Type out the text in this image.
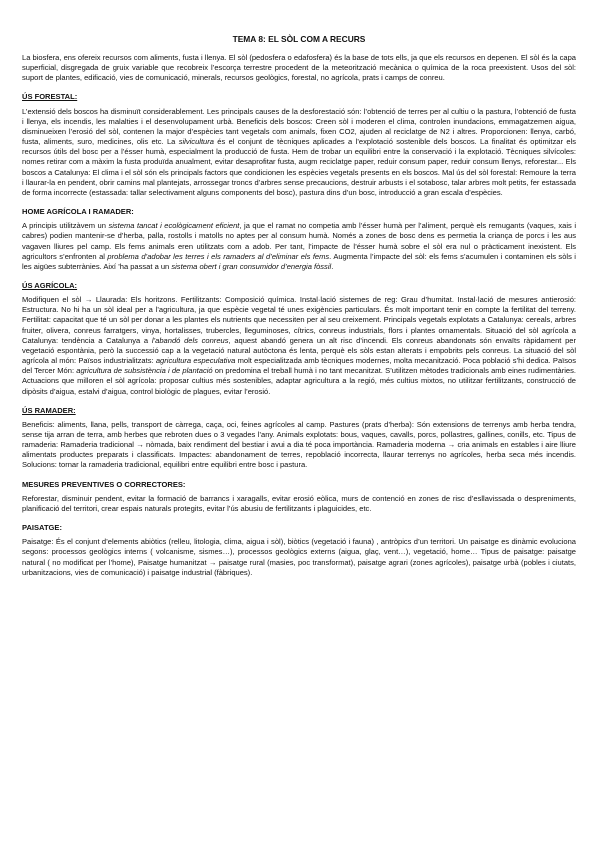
TEMA 8: EL SÒL COM A RECURS

La biosfera, ens ofereix recursos com aliments, fusta i llenya. El sòl (pedosfera o edafosfera) és la base de tots ells, ja que els recursos en depenen. El sòl és la capa superficial, disgregada de gruix variable que recobreix l’escorça terrestre procedent de la meteorització mecànica o química de la roca preexistent. Usos del sòl: suport de plantes, edificació, vies de comunicació, minerals, recursos geològics, forestal, no agrícola, prats i camps de conreu.

ÚS FORESTAL:

L’extensió dels boscos ha disminuït considerablement. Les principals causes de la desforestació són: l’obtenció de terres per al cultiu o la pastura, l’obtenció de fusta i llenya, els incendis, les malalties i el desenvolupament urbà. Beneficis dels boscos: Creen sòl i moderen el clima, controlen inundacions, emmagatzemen aigua, disminueixen l’erosió del sòl, contenen la major d’espècies tant vegetals com animals, fixen CO2, ajuden al reciclatge de N2 i altres. Proporcionen: llenya, carbó, fusta, aliments, suro, medicines, olis etc. La silvicultura és el conjunt de tècniques aplicades a l’explotació sostenible dels boscos. La finalitat és optimitzar els recursos útils del bosc per a l’ésser humà, especialment la producció de fusta. Hem de trobar un equilibri entre la conservació i la explotació. Tècniques silvícoles: nomes retirar com a màxim la fusta produïda anualment, evitar desaprofitar fusta, augm reciclatge paper, reduir consum paper, reduir consum llenys, reforestar... Els boscos a Catalunya: El clima i el sòl són els principals factors que condicionen les espècies vegetals presents en els boscos. Mal ús del sòl forestal: Remoure la terra i llaurar-la en pendent, obrir camins mal plantejats, arrossegar troncs d’arbres sense precaucions, destruir arbusts i el sotabosc, talar arbres molt petits, fer estassada de forma incorrecte (estassada: tallar selectivament alguns components del bosc), pastura dins d’un bosc, introducció a gran escala d’espècies.

HOME AGRÍCOLA I RAMADER:

A principis utilitzàvem un sistema tancat i ecològicament eficient, ja que el ramat no competia amb l’ésser humà per l’aliment, perquè els remugants (vaques, xais i cabres) podien mantenir-se d’herba, palla, rostolls i matolls no aptes per al consum humà. Només a zones de bosc dens es permetia la criança de porcs i les aus vagaven lliures pel camp. Els fems animals eren utilitzats com a adob. Per tant, l’impacte de l’ésser humà sobre el sòl era nul o pràcticament inexistent. Els agricultors s’enfronten al problema d’adobar les terres i els ramaders al d’eliminar els fems. Augmenta l’impacte del sòl: els fems s’acumulen i contaminen els sòls i les aigües subterrànies. Així ’ha passat a un sistema obert i gran consumidor d’energia fòssil.

ÚS AGRÍCOLA:

Modifiquen el sòl → Llaurada: Els horitzons. Fertilitzants: Composició química. Instal·lació sistemes de reg: Grau d’humitat. Instal·lació de mesures antierosió: Estructura. No hi ha un sòl ideal per a l’agricultura, ja que espècie vegetal té unes exigències particulars. És molt important tenir en compte la fertilitat del terreny. Fertilitat: capacitat que té un sòl per donar a les plantes els nutrients que necessiten per al seu creixement. Principals vegetals explotats a Catalunya: cereals, arbres fruiter, olivera, conreus farratgers, vinya, hortalisses, trubercles, lleguminoses, cítrics, conreus industrials, flors i plantes ornamentals. Situació del sòl agrícola a Catalunya: tendència a Catalunya a l’abandó dels conreus, aquest abandó genera un alt risc d’incendi. Els conreus abandonats són envaïts ràpidament per vegetació espontània, però la successió cap a la vegetació natural autòctona és lenta, perquè els sòls estan alterats i empobrits pels conreus. La situació del sòl agrícola al món: Països industrialitzats: agricultura especulativa molt especialitzada amb tècniques modernes, molta mecanització. Poca població s’hi dedica. Països del Tercer Món: agricultura de subsistència i de plantació on predomina el treball humà i no tant mecanitzat. S’utilitzen mètodes tradicionals amb eines rudimentàries. Actuacions que milloren el sòl agrícola: proposar cultius més sostenibles, adaptar agricultura a la regió, més cultius mixtos, no utilitzar fertilitzants, construcció de dipòsits d’aigua, estalvi d’aigua, control biològic de plagues, evitar l’erosió.

ÚS RAMADER:

Beneficis: aliments, llana, pells, transport de càrrega, caça, oci, feines agrícoles al camp. Pastures (prats d’herba): Són extensions de terrenys amb herba tendra, sense tija arran de terra, amb herbes que rebroten dues o 3 vegades l’any. Animals explotats: bous, vaques, cavalls, porcs, pollastres, gallines, conills, etc. Tipus de ramaderia: Ramaderia tradicional → nòmada, baix rendiment del bestiar i avui a dia té poca importància. Ramaderia moderna → cria animals en estables i aire lliure alimentats productes preparats i classificats. Impactes: abandonament de terres, repoblació incorrecta, llaurar terrenys no agrícoles, herba seca més incendis. Solucions: tornar la ramaderia tradicional, equilibri entre equilibri entre bosc i pastura.

MESURES PREVENTIVES O CORRECTORES:

Reforestar, disminuir pendent, evitar la formació de barrancs i xaragalls, evitar erosió eòlica, murs de contenció en zones de risc d’esllavissada o despreniments, planificació del territori, crear espais naturals protegits, evitar l’ús abusiu de fertilitzants i plaguicides, etc.

PAISATGE:

Paisatge: És el conjunt d’elements abiòtics (relleu, litologia, clima, aigua i sòl), biòtics (vegetació i fauna) , antròpics d’un territori. Un paisatge es dinàmic evoluciona segons: processos geològics interns ( volcanisme, sismes…), processos geològics externs (aigua, glaç, vent…), vegetació, home… Tipus de paisatge: paisatge natural ( no modificat per l’home), Paisatge humanitzat → paisatge rural (masies, poc transformat), paisatge agrari (zones agrícoles), paisatge urbà (pobles i ciutats, urbanitzacions, vies de comunicació) i paisatge industrial (fàbriques).
